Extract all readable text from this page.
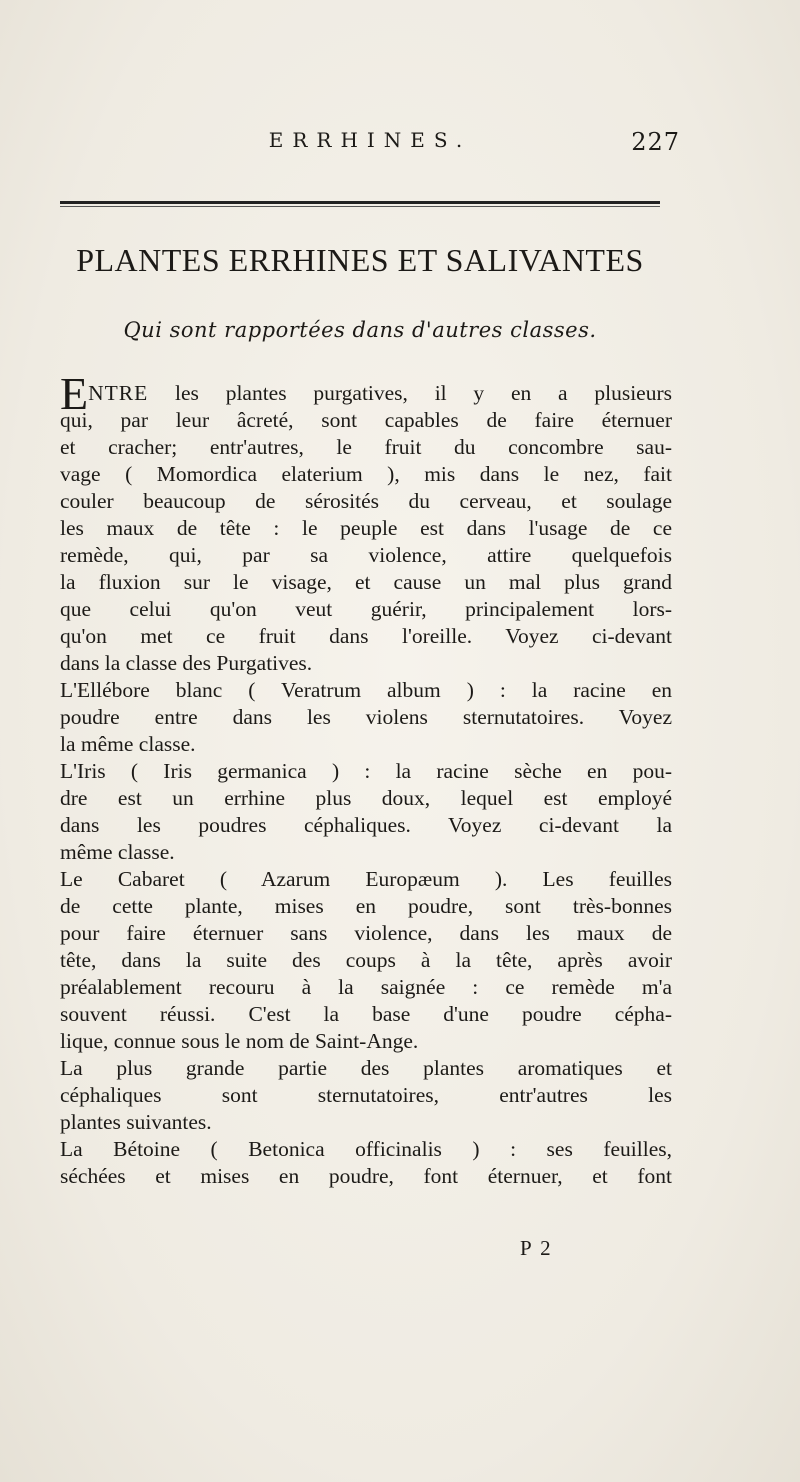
ERRHINES.	227
PLANTES ERRHINES ET SALIVANTES
Qui sont rapportées dans d'autres classes.
ENTRE les plantes purgatives, il y en a plusieurs
qui, par leur âcreté, sont capables de faire éternuer
et cracher; entr'autres, le fruit du concombre sau-
vage ( Momordica elaterium ), mis dans le nez, fait
couler beaucoup de sérosités du cerveau, et soulage
les maux de tête : le peuple est dans l'usage de ce
remède, qui, par sa violence, attire quelquefois
la fluxion sur le visage, et cause un mal plus grand
que celui qu'on veut guérir, principalement lors-
qu'on met ce fruit dans l'oreille. Voyez ci-devant
dans la classe des Purgatives.
L'Ellébore blanc ( Veratrum album ) : la racine en
poudre entre dans les violens sternutatoires. Voyez
la même classe.
L'Iris ( Iris germanica ) : la racine sèche en pou-
dre est un errhine plus doux, lequel est employé
dans les poudres céphaliques. Voyez ci-devant la
même classe.
Le Cabaret ( Azarum Europæum ). Les feuilles
de cette plante, mises en poudre, sont très-bonnes
pour faire éternuer sans violence, dans les maux de
tête, dans la suite des coups à la tête, après avoir
préalablement recouru à la saignée : ce remède m'a
souvent réussi. C'est la base d'une poudre cépha-
lique, connue sous le nom de Saint-Ange.
La plus grande partie des plantes aromatiques et
céphaliques sont sternutatoires, entr'autres les
plantes suivantes.
La Bétoine ( Betonica officinalis ) : ses feuilles,
séchées et mises en poudre, font éternuer, et font
P 2
